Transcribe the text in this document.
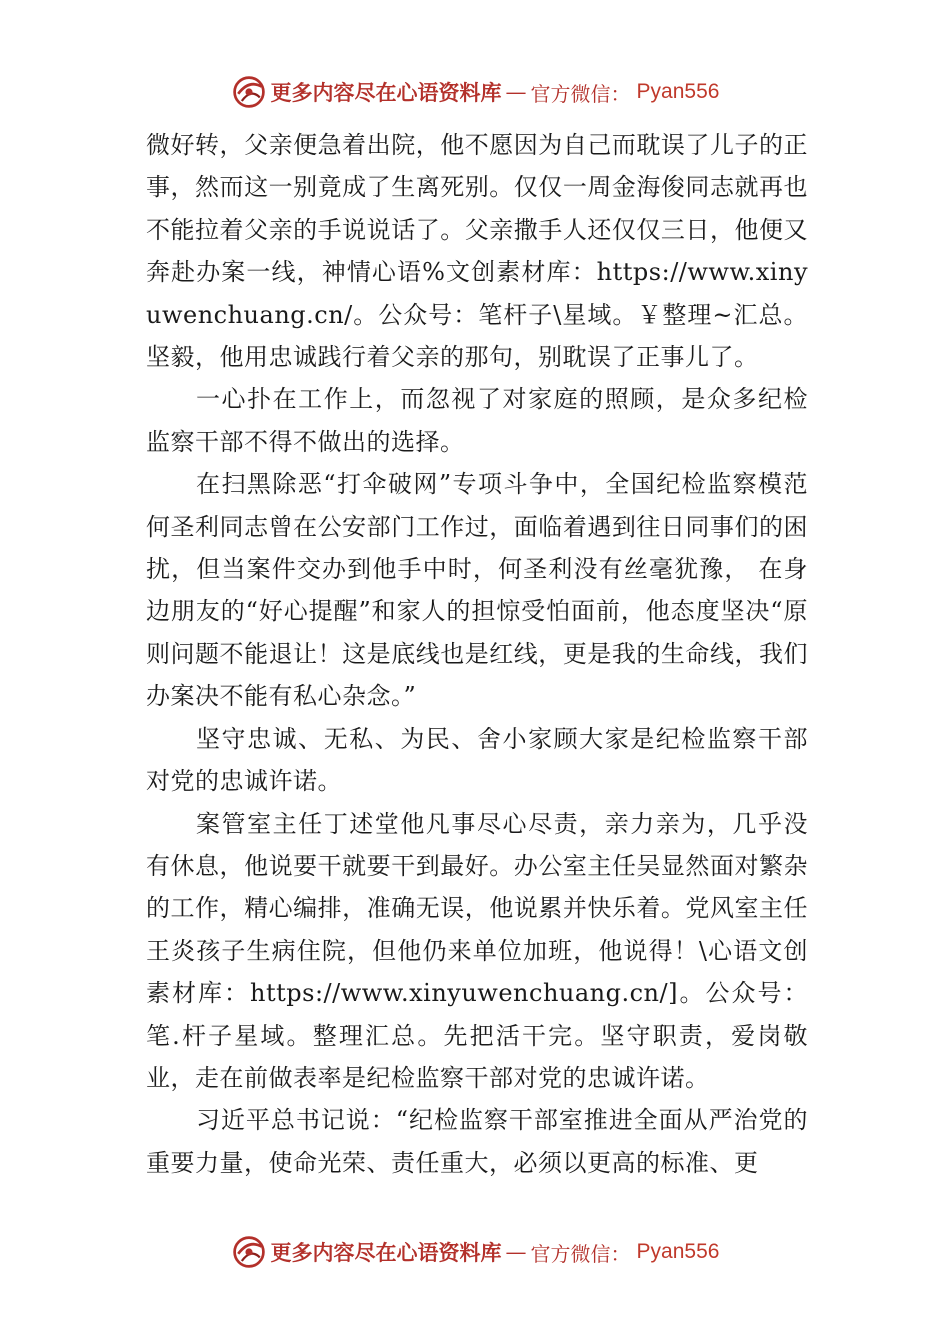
更多内容尽在心语资料库 — 官方微信： Pyan556

微好转，父亲便急着出院，他不愿因为自己而耽误了儿子的正事，然而这一别竟成了生离死别。仅仅一周金海俊同志就再也不能拉着父亲的手说说话了。父亲撒手人还仅仅三日，他便又奔赴办案一线，神情心语%文创素材库：https://www.xinyuwenchuang.cn/。公众号：笔杆子\星域。￥整理~汇总。坚毅，他用忠诚践行着父亲的那句，别耽误了正事儿了。

一心扑在工作上，而忽视了对家庭的照顾，是众多纪检监察干部不得不做出的选择。

在扫黑除恶“打伞破网”专项斗争中，全国纪检监察模范何圣利同志曾在公安部门工作过，面临着遇到往日同事们的困扰，但当案件交办到他手中时，何圣利没有丝毫犹豫， 在身边朋友的“好心提醒”和家人的担惊受怕面前，他态度坚决“原则问题不能退让！这是底线也是红线，更是我的生命线，我们办案决不能有私心杂念。”

坚守忠诚、无私、为民、舍小家顾大家是纪检监察干部对党的忠诚许诺。

案管室主任丁述堂他凡事尽心尽责，亲力亲为，几乎没有休息，他说要干就要干到最好。办公室主任吴显然面对繁杂的工作，精心编排，准确无误，他说累并快乐着。党风室主任王炎孩子生病住院，但他仍来单位加班，他说得！\心语文创素材库：https://www.xinyuwenchuang.cn/]。公众号：笔.杆子星域。整理汇总。先把活干完。坚守职责，爱岗敬业，走在前做表率是纪检监察干部对党的忠诚许诺。

习近平总书记说：“纪检监察干部室推进全面从严治党的重要力量，使命光荣、责任重大，必须以更高的标准、更

更多内容尽在心语资料库 — 官方微信： Pyan556
